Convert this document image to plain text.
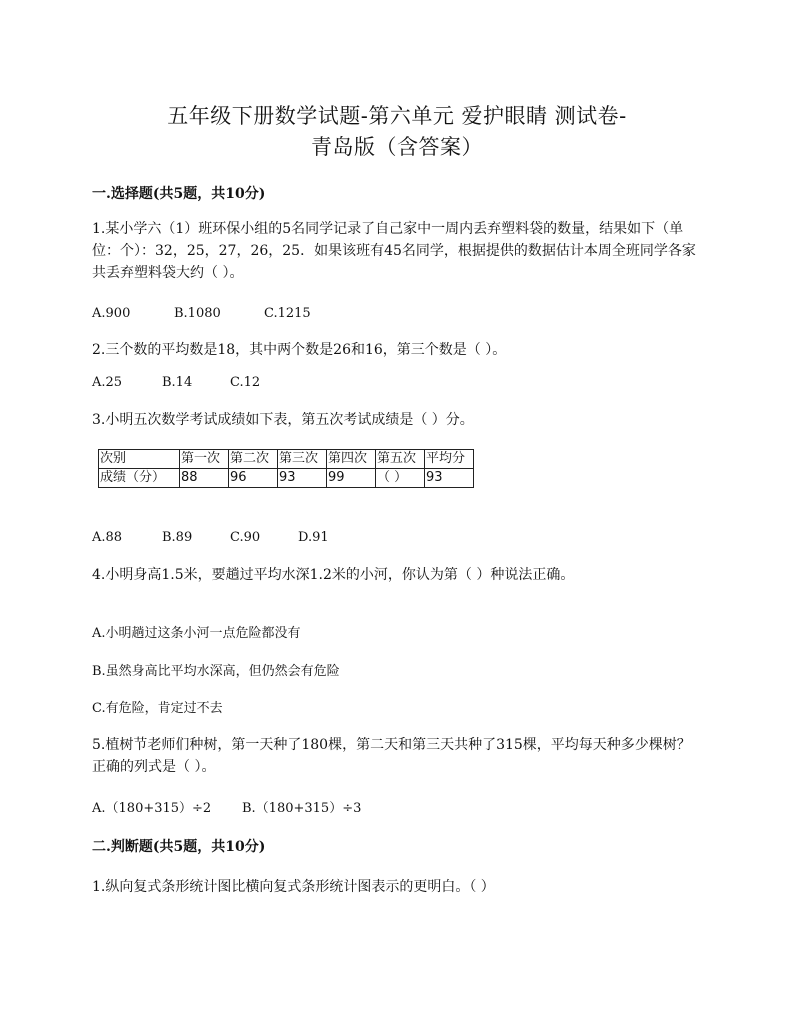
五年级下册数学试题-第六单元 爱护眼睛 测试卷-
青岛版（含答案）
一.选择题(共5题，共10分)
1.某小学六（1）班环保小组的5名同学记录了自己家中一周内丢弃塑料袋的数量，结果如下（单位：个）：32，25，27，26，25．如果该班有45名同学，根据提供的数据估计本周全班同学各家共丢弃塑料袋大约（ ）。
A.900	B.1080	C.1215
2.三个数的平均数是18，其中两个数是26和16，第三个数是（ ）。
A.25	B.14	C.12
3.小明五次数学考试成绩如下表，第五次考试成绩是（ ）分。
次别	第一次	第二次	第三次	第四次	第五次	平均分
成绩（分）	88	96	93	99	（ ）	93
A.88	B.89	C.90	D.91
4.小明身高1.5米，要趟过平均水深1.2米的小河，你认为第（ ）种说法正确。
A.小明趟过这条小河一点危险都没有
B.虽然身高比平均水深高，但仍然会有危险
C.有危险，肯定过不去
5.植树节老师们种树，第一天种了180棵，第二天和第三天共种了315棵，平均每天种多少棵树？正确的列式是（ ）。
A.（180+315）÷2 B.（180+315）÷3
二.判断题(共5题，共10分)
1.纵向复式条形统计图比横向复式条形统计图表示的更明白。（ ）
